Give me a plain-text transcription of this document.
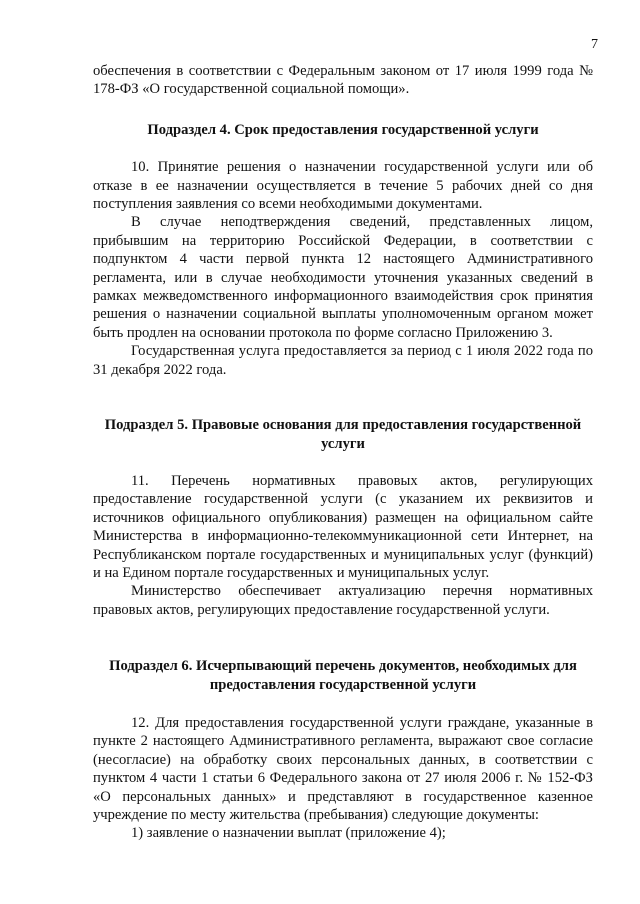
7

обеспечения в соответствии с Федеральным законом от 17 июля 1999 года № 178-ФЗ «О государственной социальной помощи».

Подраздел 4. Срок предоставления государственной услуги

10. Принятие решения о назначении государственной услуги или об отказе в ее назначении осуществляется в течение 5 рабочих дней со дня поступления заявления со всеми необходимыми документами.

В случае неподтверждения сведений, представленных лицом, прибывшим на территорию Российской Федерации, в соответствии с подпунктом 4 части первой пункта 12 настоящего Административного регламента, или в случае необходимости уточнения указанных сведений в рамках межведомственного информационного взаимодействия срок принятия решения о назначении социальной выплаты уполномоченным органом может быть продлен на основании протокола по форме согласно Приложению 3.

Государственная услуга предоставляется за период с 1 июля 2022 года по 31 декабря 2022 года.

Подраздел 5. Правовые основания для предоставления государственной услуги

11. Перечень нормативных правовых актов, регулирующих предоставление государственной услуги (с указанием их реквизитов и источников официального опубликования) размещен на официальном сайте Министерства в информационно-телекоммуникационной сети Интернет, на Республиканском портале государственных и муниципальных услуг (функций) и на Едином портале государственных и муниципальных услуг.

Министерство обеспечивает актуализацию перечня нормативных правовых актов, регулирующих предоставление государственной услуги.

Подраздел 6. Исчерпывающий перечень документов, необходимых для предоставления государственной услуги

12. Для предоставления государственной услуги граждане, указанные в пункте 2 настоящего Административного регламента, выражают свое согласие (несогласие) на обработку своих персональных данных, в соответствии с пунктом 4 части 1 статьи 6 Федерального закона от 27 июля 2006 г. № 152-ФЗ «О персональных данных» и представляют в государственное казенное учреждение по месту жительства (пребывания) следующие документы:

1) заявление о назначении выплат (приложение 4);
